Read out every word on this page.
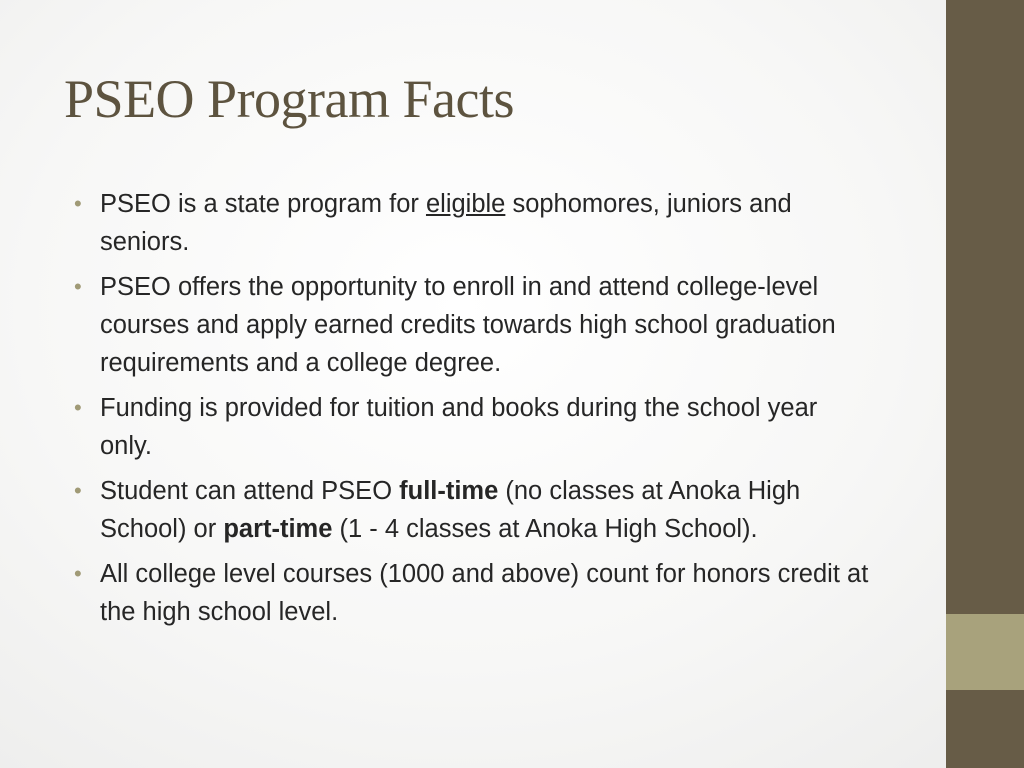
PSEO Program Facts
• PSEO is a state program for eligible sophomores, juniors and seniors.
• PSEO offers the opportunity to enroll in and attend college-level courses and apply earned credits towards high school graduation requirements and a college degree.
• Funding is provided for tuition and books during the school year only.
• Student can attend PSEO full-time (no classes at Anoka High School) or part-time (1 - 4 classes at Anoka High School).
• All college level courses (1000 and above) count for honors credit at the high school level.
